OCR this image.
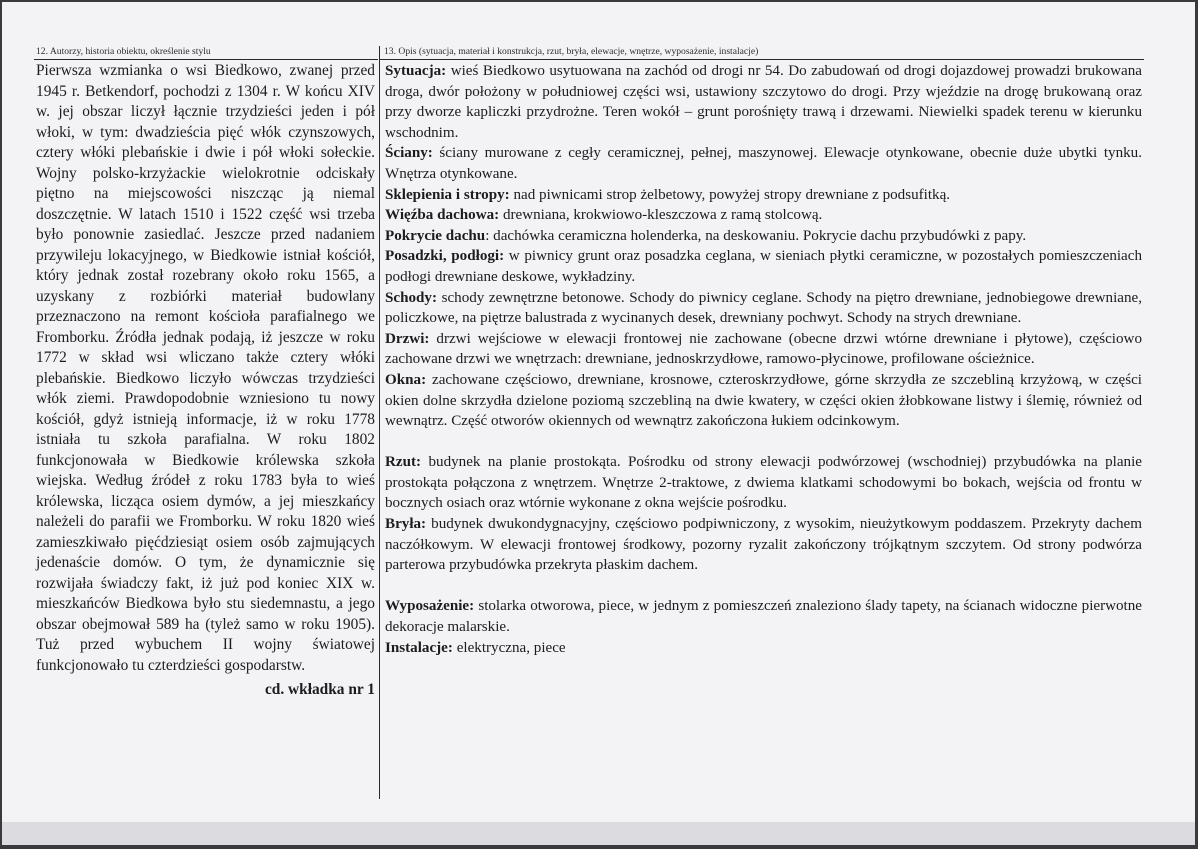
12. Autorzy, historia obiektu, określenie stylu

Pierwsza wzmianka o wsi Biedkowo, zwanej przed 1945 r. Betkendorf, pochodzi z 1304 r. W końcu XIV w. jej obszar liczył łącznie trzydzieści jeden i pół włoki, w tym: dwadzieścia pięć włók czynszowych, cztery włóki plebańskie i dwie i pół włoki sołeckie. Wojny polsko-krzyżackie wielokrotnie odciskały piętno na miejscowości niszcząc ją niemal doszczętnie. W latach 1510 i 1522 część wsi trzeba było ponownie zasiedlać. Jeszcze przed nadaniem przywileju lokacyjnego, w Biedkowie istniał kościół, który jednak został rozebrany około roku 1565, a uzyskany z rozbiórki materiał budowlany przeznaczono na remont kościoła parafialnego we Fromborku. Źródła jednak podają, iż jeszcze w roku 1772 w skład wsi wliczano także cztery włóki plebańskie. Biedkowo liczyło wówczas trzydzieści włók ziemi. Prawdopodobnie wzniesiono tu nowy kościół, gdyż istnieją informacje, iż w roku 1778 istniała tu szkoła parafialna. W roku 1802 funkcjonowała w Biedkowie królewska szkoła wiejska. Według źródeł z roku 1783 była to wieś królewska, licząca osiem dymów, a jej mieszkańcy należeli do parafii we Fromborku. W roku 1820 wieś zamieszkiwało pięćdziesiąt osiem osób zajmujących jedenaście domów. O tym, że dynamicznie się rozwijała świadczy fakt, iż już pod koniec XIX w. mieszkańców Biedkowa było stu siedemnastu, a jego obszar obejmował 589 ha (tyleż samo w roku 1905). Tuż przed wybuchem II wojny światowej funkcjonowało tu czterdzieści gospodarstw.

cd. wkładka nr 1

13. Opis (sytuacja, materiał i konstrukcja, rzut, bryła, elewacje, wnętrze, wyposażenie, instalacje)

Sytuacja: wieś Biedkowo usytuowana na zachód od drogi nr 54. Do zabudowań od drogi dojazdowej prowadzi brukowana droga, dwór położony w południowej części wsi, ustawiony szczytowo do drogi. Przy wjeździe na drogę brukowaną oraz przy dworze kapliczki przydrożne. Teren wokół – grunt porośnięty trawą i drzewami. Niewielki spadek terenu w kierunku wschodnim.

Ściany: ściany murowane z cegły ceramicznej, pełnej, maszynowej. Elewacje otynkowane, obecnie duże ubytki tynku. Wnętrza otynkowane.

Sklepienia i stropy: nad piwnicami strop żelbetowy, powyżej stropy drewniane z podsufitką.

Więźba dachowa: drewniana, krokwiowo-kleszczowa z ramą stolcową.

Pokrycie dachu: dachówka ceramiczna holenderka, na deskowaniu. Pokrycie dachu przybudówki z papy.

Posadzki, podłogi: w piwnicy grunt oraz posadzka ceglana, w sieniach płytki ceramiczne, w pozostałych pomieszczeniach podłogi drewniane deskowe, wykładziny.

Schody: schody zewnętrzne betonowe. Schody do piwnicy ceglane. Schody na piętro drewniane, jednobiegowe drewniane, policzkowe, na piętrze balustrada z wycinanych desek, drewniany pochwyt. Schody na strych drewniane.

Drzwi: drzwi wejściowe w elewacji frontowej nie zachowane (obecne drzwi wtórne drewniane i płytowe), częściowo zachowane drzwi we wnętrzach: drewniane, jednoskrzydłowe, ramowo-płycinowe, profilowane ościeżnice.

Okna: zachowane częściowo, drewniane, krosnowe, czteroskrzydłowe, górne skrzydła ze szczebliną krzyżową, w części okien dolne skrzydła dzielone poziomą szczebliną na dwie kwatery, w części okien żłobkowane listwy i ślemię, również od wewnątrz. Część otworów okiennych od wewnątrz zakończona łukiem odcinkowym.

Rzut: budynek na planie prostokąta. Pośrodku od strony elewacji podwórzowej (wschodniej) przybudówka na planie prostokąta połączona z wnętrzem. Wnętrze 2-traktowe, z dwiema klatkami schodowymi bo bokach, wejścia od frontu w bocznych osiach oraz wtórnie wykonane z okna wejście pośrodku.

Bryła: budynek dwukondygnacyjny, częściowo podpiwniczony, z wysokim, nieużytkowym poddaszem. Przekryty dachem naczółkowym. W elewacji frontowej środkowy, pozorny ryzalit zakończony trójkątnym szczytem. Od strony podwórza parterowa przybudówka przekryta płaskim dachem.

Wyposażenie: stolarka otworowa, piece, w jednym z pomieszczeń znaleziono ślady tapety, na ścianach widoczne pierwotne dekoracje malarskie.

Instalacje: elektryczna, piece
